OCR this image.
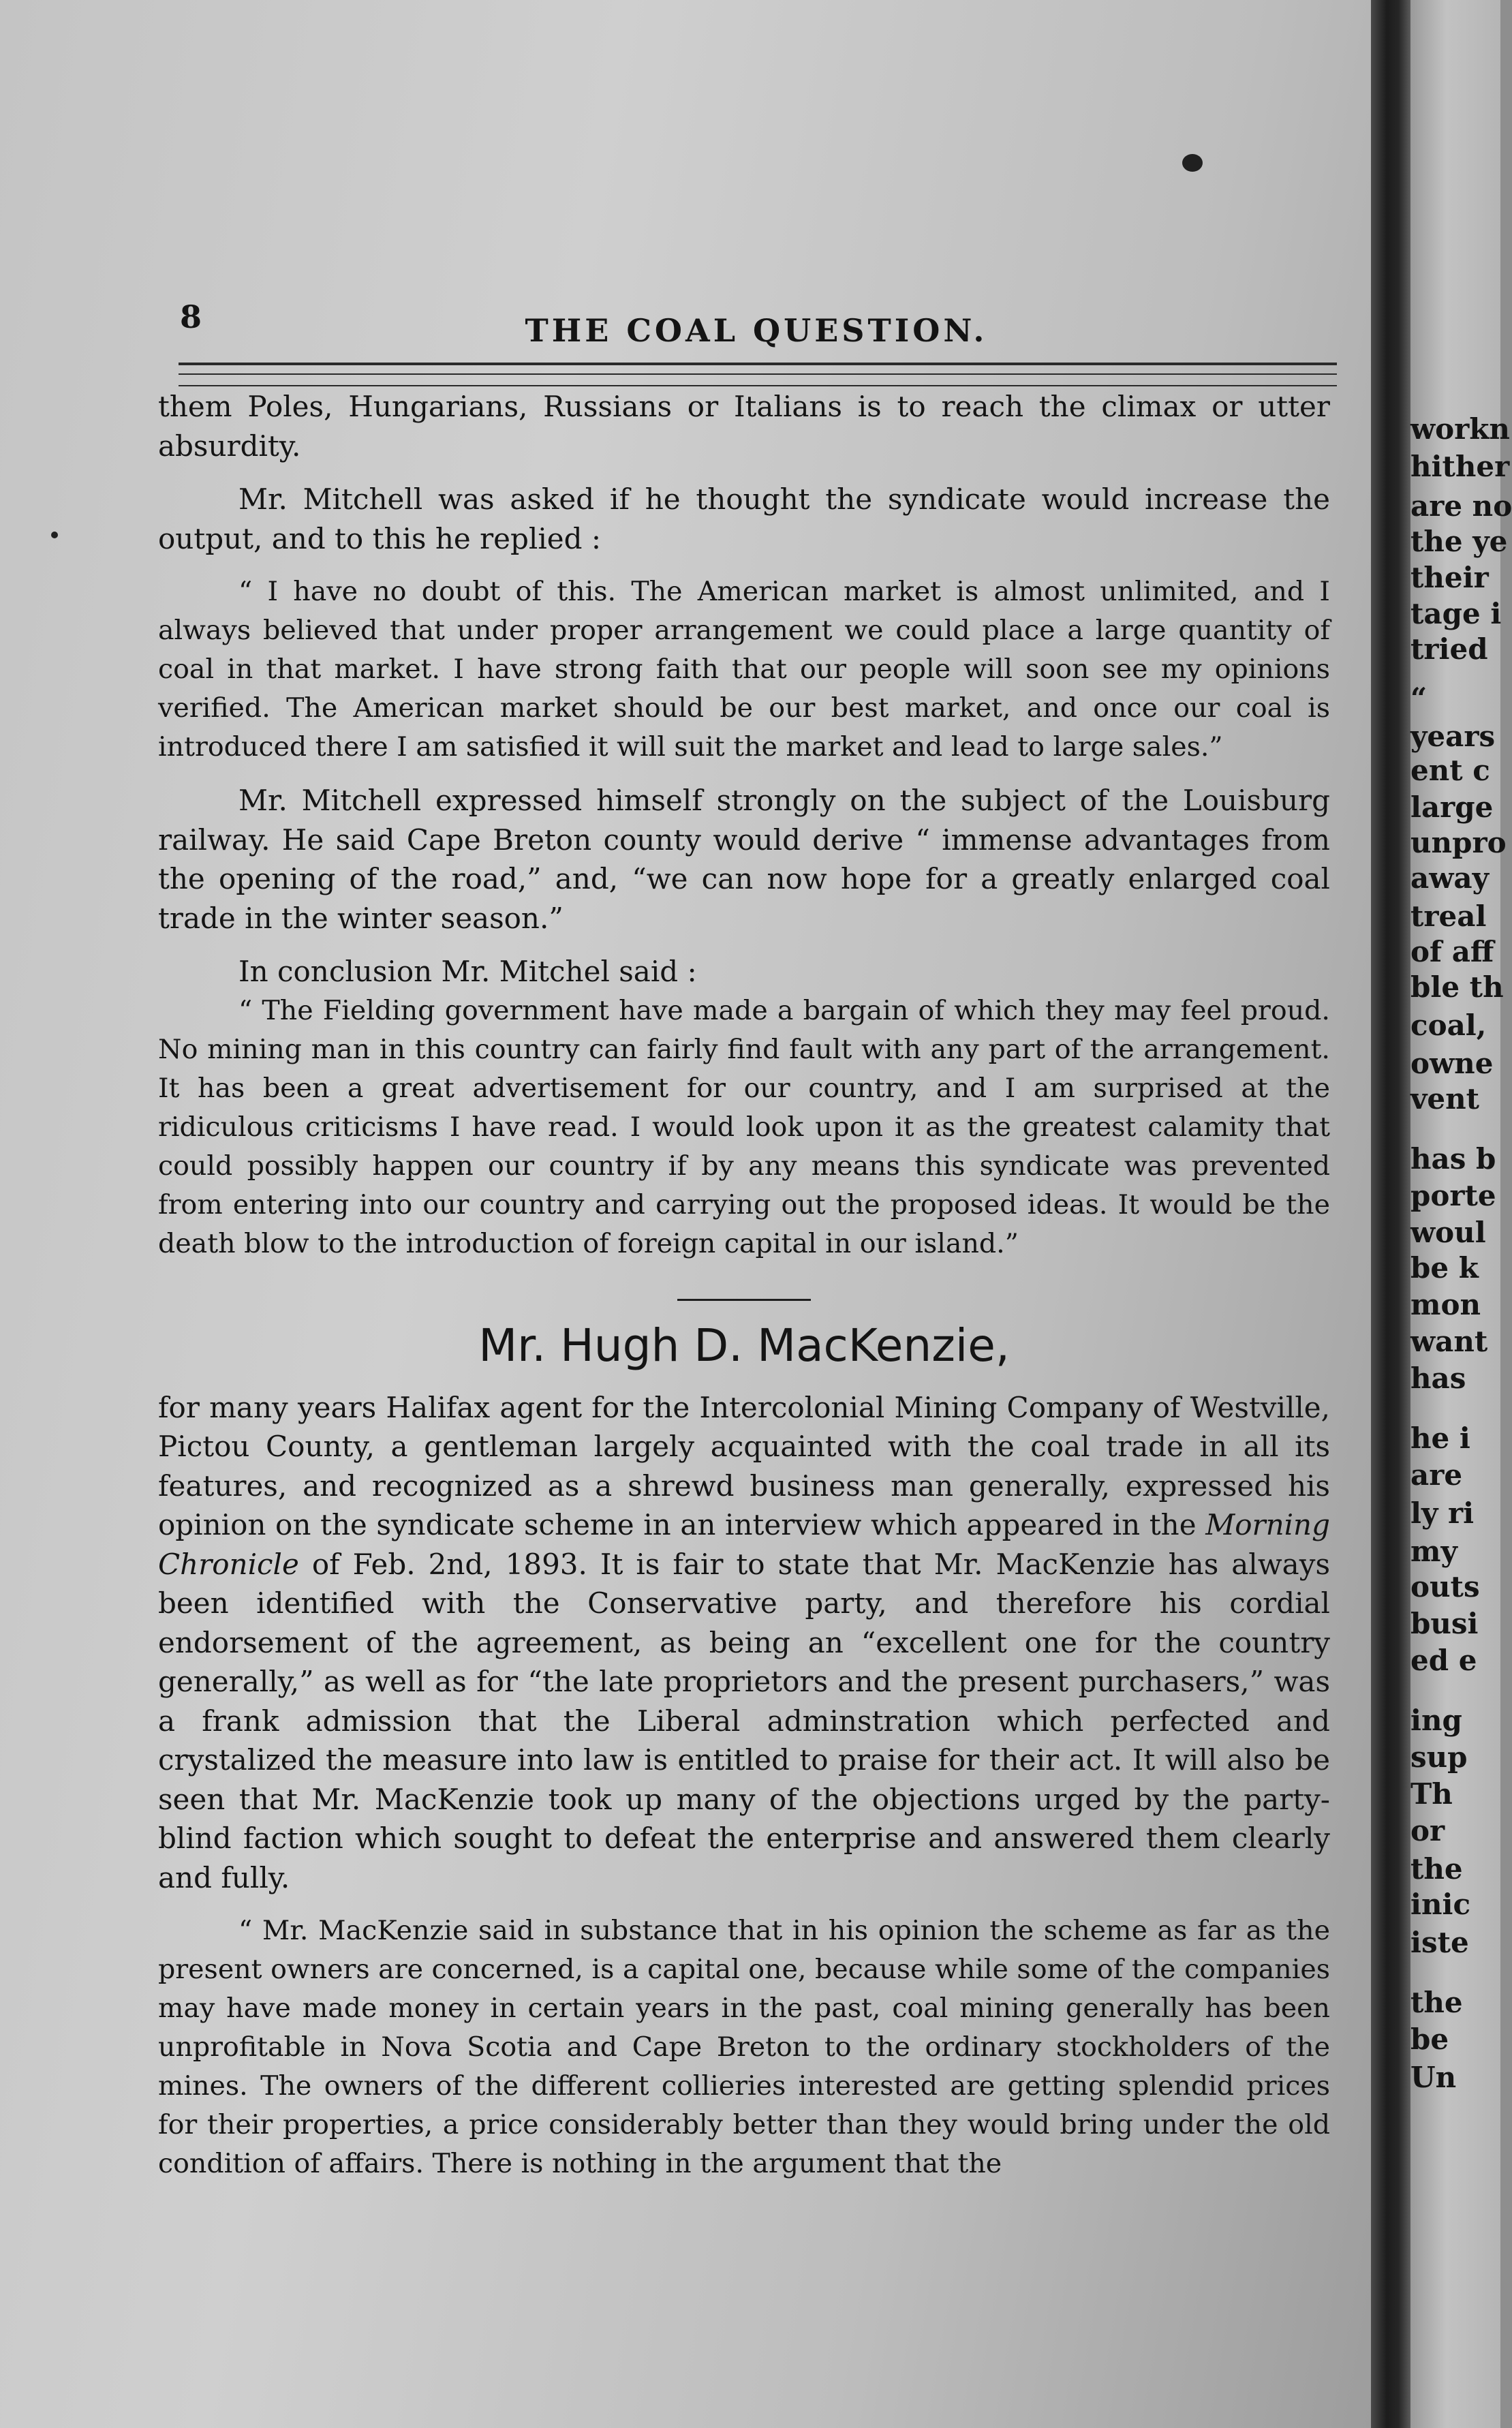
8	THE COAL QUESTION.

them Poles, Hungarians, Russians or Italians is to reach the climax or utter absurdity.

Mr. Mitchell was asked if he thought the syndicate would increase the output, and to this he replied :

“ I have no doubt of this. The American market is almost unlimited, and I always believed that under proper arrangement we could place a large quantity of coal in that market. I have strong faith that our people will soon see my opinions verified. The American market should be our best market, and once our coal is introduced there I am satisfied it will suit the market and lead to large sales.”

Mr. Mitchell expressed himself strongly on the subject of the Louisburg railway. He said Cape Breton county would derive “ immense advantages from the opening of the road,” and, “we can now hope for a greatly enlarged coal trade in the winter season.”

In conclusion Mr. Mitchel said :

“ The Fielding government have made a bargain of which they may feel proud. No mining man in this country can fairly find fault with any part of the arrangement. It has been a great advertisement for our country, and I am surprised at the ridiculous criticisms I have read. I would look upon it as the greatest calamity that could possibly happen our country if by any means this syndicate was prevented from entering into our country and carrying out the proposed ideas. It would be the death blow to the introduction of foreign capital in our island.”

Mr. Hugh D. MacKenzie,

for many years Halifax agent for the Intercolonial Mining Company of Westville, Pictou County, a gentleman largely acquainted with the coal trade in all its features, and recognized as a shrewd business man generally, expressed his opinion on the syndicate scheme in an interview which appeared in the Morning Chronicle of Feb. 2nd, 1893. It is fair to state that Mr. MacKenzie has always been identified with the Conservative party, and therefore his cordial endorsement of the agreement, as being an “excellent one for the country generally,” as well as for “the late proprietors and the present purchasers,” was a frank admission that the Liberal adminstration which perfected and crystalized the measure into law is entitled to praise for their act. It will also be seen that Mr. MacKenzie took up many of the objections urged by the party-blind faction which sought to defeat the enterprise and answered them clearly and fully.

“ Mr. MacKenzie said in substance that in his opinion the scheme as far as the present owners are concerned, is a capital one, because while some of the companies may have made money in certain years in the past, coal mining generally has been unprofitable in Nova Scotia and Cape Breton to the ordinary stockholders of the mines. The owners of the different collieries interested are getting splendid prices for their properties, a price considerably better than they would bring under the old condition of affairs. There is nothing in the argument that the

workn
hither
are no
the ye
their
tage i
tried
“
years
ent c
large
unpro
away
treal
of aff
ble th
coal,
owne
vent
has b
porte
woul
be k
mon
want
has
he i
are
ly ri
my
outs
busi
ed e
ing
sup
Th
or
the
inic
iste
the
be
Un
